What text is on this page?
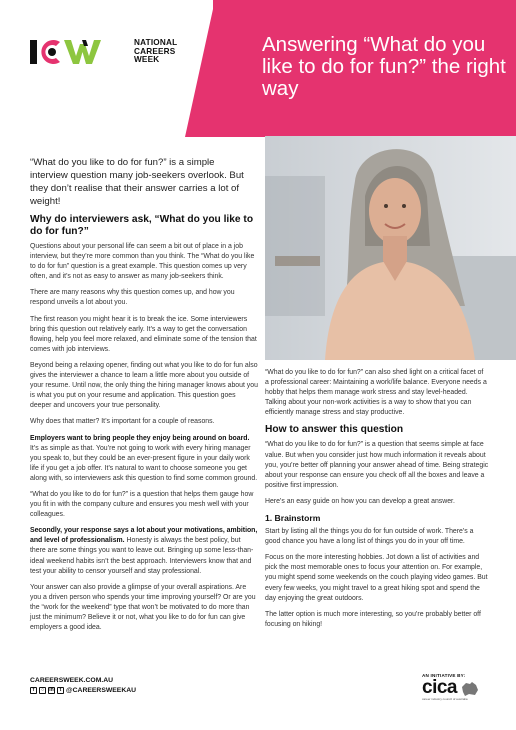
Answering “What do you like to do for fun?” the right way
NATIONAL
CAREERS
WEEK

“What do you like to do for fun?” is a simple interview question many job-seekers overlook. But they don’t realise that their answer carries a lot of weight!

Why do interviewers ask, “What do you like to do for fun?”

Questions about your personal life can seem a bit out of place in a job interview, but they’re more common than you think. The “What do you like to do for fun” question is a great example. This question comes up very often, and it’s not as easy to answer as many job-seekers think.

There are many reasons why this question comes up, and how you respond unveils a lot about you.

The first reason you might hear it is to break the ice. Some interviewers bring this question out relatively early. It’s a way to get the conversation flowing, help you feel more relaxed, and eliminate some of the tension that comes with job interviews.

Beyond being a relaxing opener, finding out what you like to do for fun also gives the interviewer a chance to learn a little more about you outside of your resume. Until now, the only thing the hiring manager knows about you is what you put on your resume and application. This question goes deeper and uncovers your true personality.

Why does that matter? It’s important for a couple of reasons.

Employers want to bring people they enjoy being around on board. It’s as simple as that. You’re not going to work with every hiring manager you speak to, but they could be an ever-present figure in your daily work life if you get a job offer. It’s natural to want to choose someone you get along with, so interviewers ask this question to find some common ground.

“What do you like to do for fun?” is a question that helps them gauge how you fit in with the company culture and ensures you mesh well with your colleagues.

Secondly, your response says a lot about your motivations, ambition, and level of professionalism. Honesty is always the best policy, but there are some things you want to leave out. Bringing up some less-than-ideal weekend habits isn’t the best approach. Interviewers know that and test your ability to censor yourself and stay professional.

Your answer can also provide a glimpse of your overall aspirations. Are you a driven person who spends your time improving yourself? Or are you the “work for the weekend” type that won’t be motivated to do more than just the minimum? Believe it or not, what you like to do for fun can give employers a good idea.

“What do you like to do for fun?” can also shed light on a critical facet of a professional career: Maintaining a work/life balance. Everyone needs a hobby that helps them manage work stress and stay level-headed. Talking about your non-work activities is a way to show that you can efficiently manage stress and stay productive.

How to answer this question

“What do you like to do for fun?” is a question that seems simple at face value. But when you consider just how much information it reveals about you, you’re better off planning your answer ahead of time. Being strategic about your response can ensure you check off all the boxes and leave a positive first impression.

Here’s an easy guide on how you can develop a great answer.

1. Brainstorm

Start by listing all the things you do for fun outside of work. There’s a good chance you have a long list of things you do in your off time.

Focus on the more interesting hobbies. Jot down a list of activities and pick the most memorable ones to focus your attention on. For example, you might spend some weekends on the couch playing video games. But every few weeks, you might travel to a great hiking spot and spend the day enjoying the great outdoors.

The latter option is much more interesting, so you’re probably better off focusing on hiking!

CAREERSWEEK.COM.AU
f	○	in	t @CAREERSWEEKAU
AN INITIATIVE BY:
cica
career industry council of australia
